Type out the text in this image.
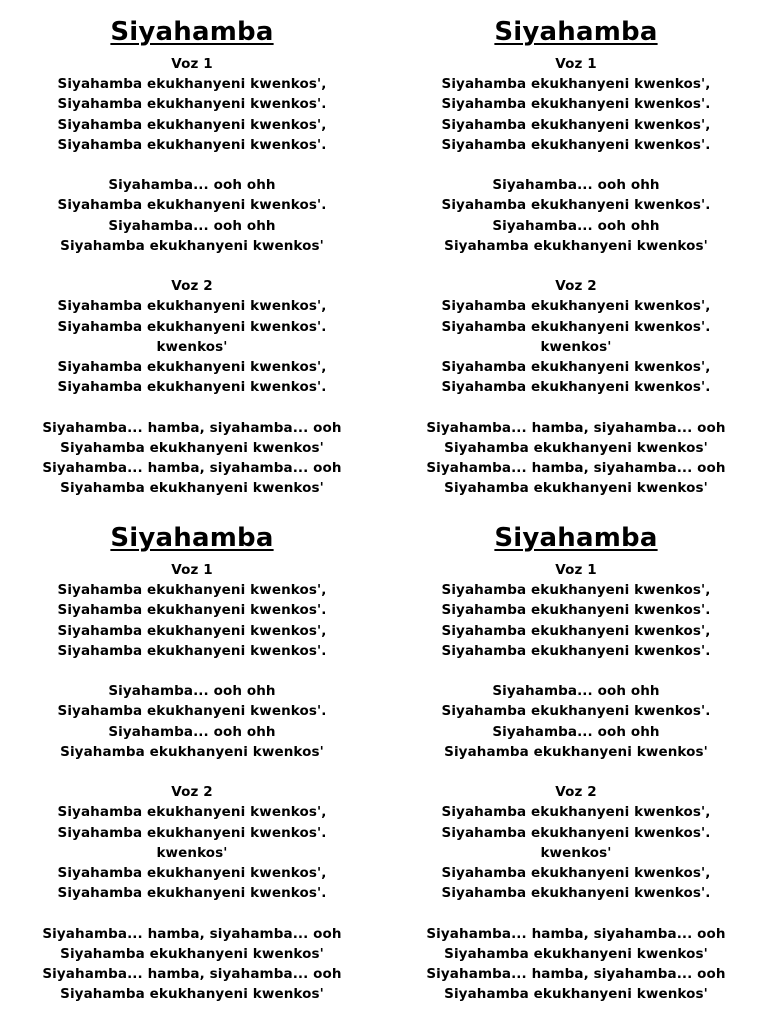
Siyahamba
Voz 1
Siyahamba ekukhanyeni kwenkos',
Siyahamba ekukhanyeni kwenkos'.
Siyahamba ekukhanyeni kwenkos',
Siyahamba ekukhanyeni kwenkos'.
Siyahamba... ooh ohh
Siyahamba ekukhanyeni kwenkos'.
Siyahamba... ooh ohh
Siyahamba ekukhanyeni kwenkos'
Voz 2
Siyahamba ekukhanyeni kwenkos',
Siyahamba ekukhanyeni kwenkos'.
kwenkos'
Siyahamba ekukhanyeni kwenkos',
Siyahamba ekukhanyeni kwenkos'.
Siyahamba... hamba, siyahamba... ooh
Siyahamba ekukhanyeni kwenkos'
Siyahamba... hamba, siyahamba... ooh
Siyahamba ekukhanyeni kwenkos'
Siyahamba
Voz 1
Siyahamba ekukhanyeni kwenkos',
Siyahamba ekukhanyeni kwenkos'.
Siyahamba ekukhanyeni kwenkos',
Siyahamba ekukhanyeni kwenkos'.
Siyahamba... ooh ohh
Siyahamba ekukhanyeni kwenkos'.
Siyahamba... ooh ohh
Siyahamba ekukhanyeni kwenkos'
Voz 2
Siyahamba ekukhanyeni kwenkos',
Siyahamba ekukhanyeni kwenkos'.
kwenkos'
Siyahamba ekukhanyeni kwenkos',
Siyahamba ekukhanyeni kwenkos'.
Siyahamba... hamba, siyahamba... ooh
Siyahamba ekukhanyeni kwenkos'
Siyahamba... hamba, siyahamba... ooh
Siyahamba ekukhanyeni kwenkos'
Siyahamba
Voz 1
Siyahamba ekukhanyeni kwenkos',
Siyahamba ekukhanyeni kwenkos'.
Siyahamba ekukhanyeni kwenkos',
Siyahamba ekukhanyeni kwenkos'.
Siyahamba... ooh ohh
Siyahamba ekukhanyeni kwenkos'.
Siyahamba... ooh ohh
Siyahamba ekukhanyeni kwenkos'
Voz 2
Siyahamba ekukhanyeni kwenkos',
Siyahamba ekukhanyeni kwenkos'.
kwenkos'
Siyahamba ekukhanyeni kwenkos',
Siyahamba ekukhanyeni kwenkos'.
Siyahamba... hamba, siyahamba... ooh
Siyahamba ekukhanyeni kwenkos'
Siyahamba... hamba, siyahamba... ooh
Siyahamba ekukhanyeni kwenkos'
Siyahamba
Voz 1
Siyahamba ekukhanyeni kwenkos',
Siyahamba ekukhanyeni kwenkos'.
Siyahamba ekukhanyeni kwenkos',
Siyahamba ekukhanyeni kwenkos'.
Siyahamba... ooh ohh
Siyahamba ekukhanyeni kwenkos'.
Siyahamba... ooh ohh
Siyahamba ekukhanyeni kwenkos'
Voz 2
Siyahamba ekukhanyeni kwenkos',
Siyahamba ekukhanyeni kwenkos'.
kwenkos'
Siyahamba ekukhanyeni kwenkos',
Siyahamba ekukhanyeni kwenkos'.
Siyahamba... hamba, siyahamba... ooh
Siyahamba ekukhanyeni kwenkos'
Siyahamba... hamba, siyahamba... ooh
Siyahamba ekukhanyeni kwenkos'
